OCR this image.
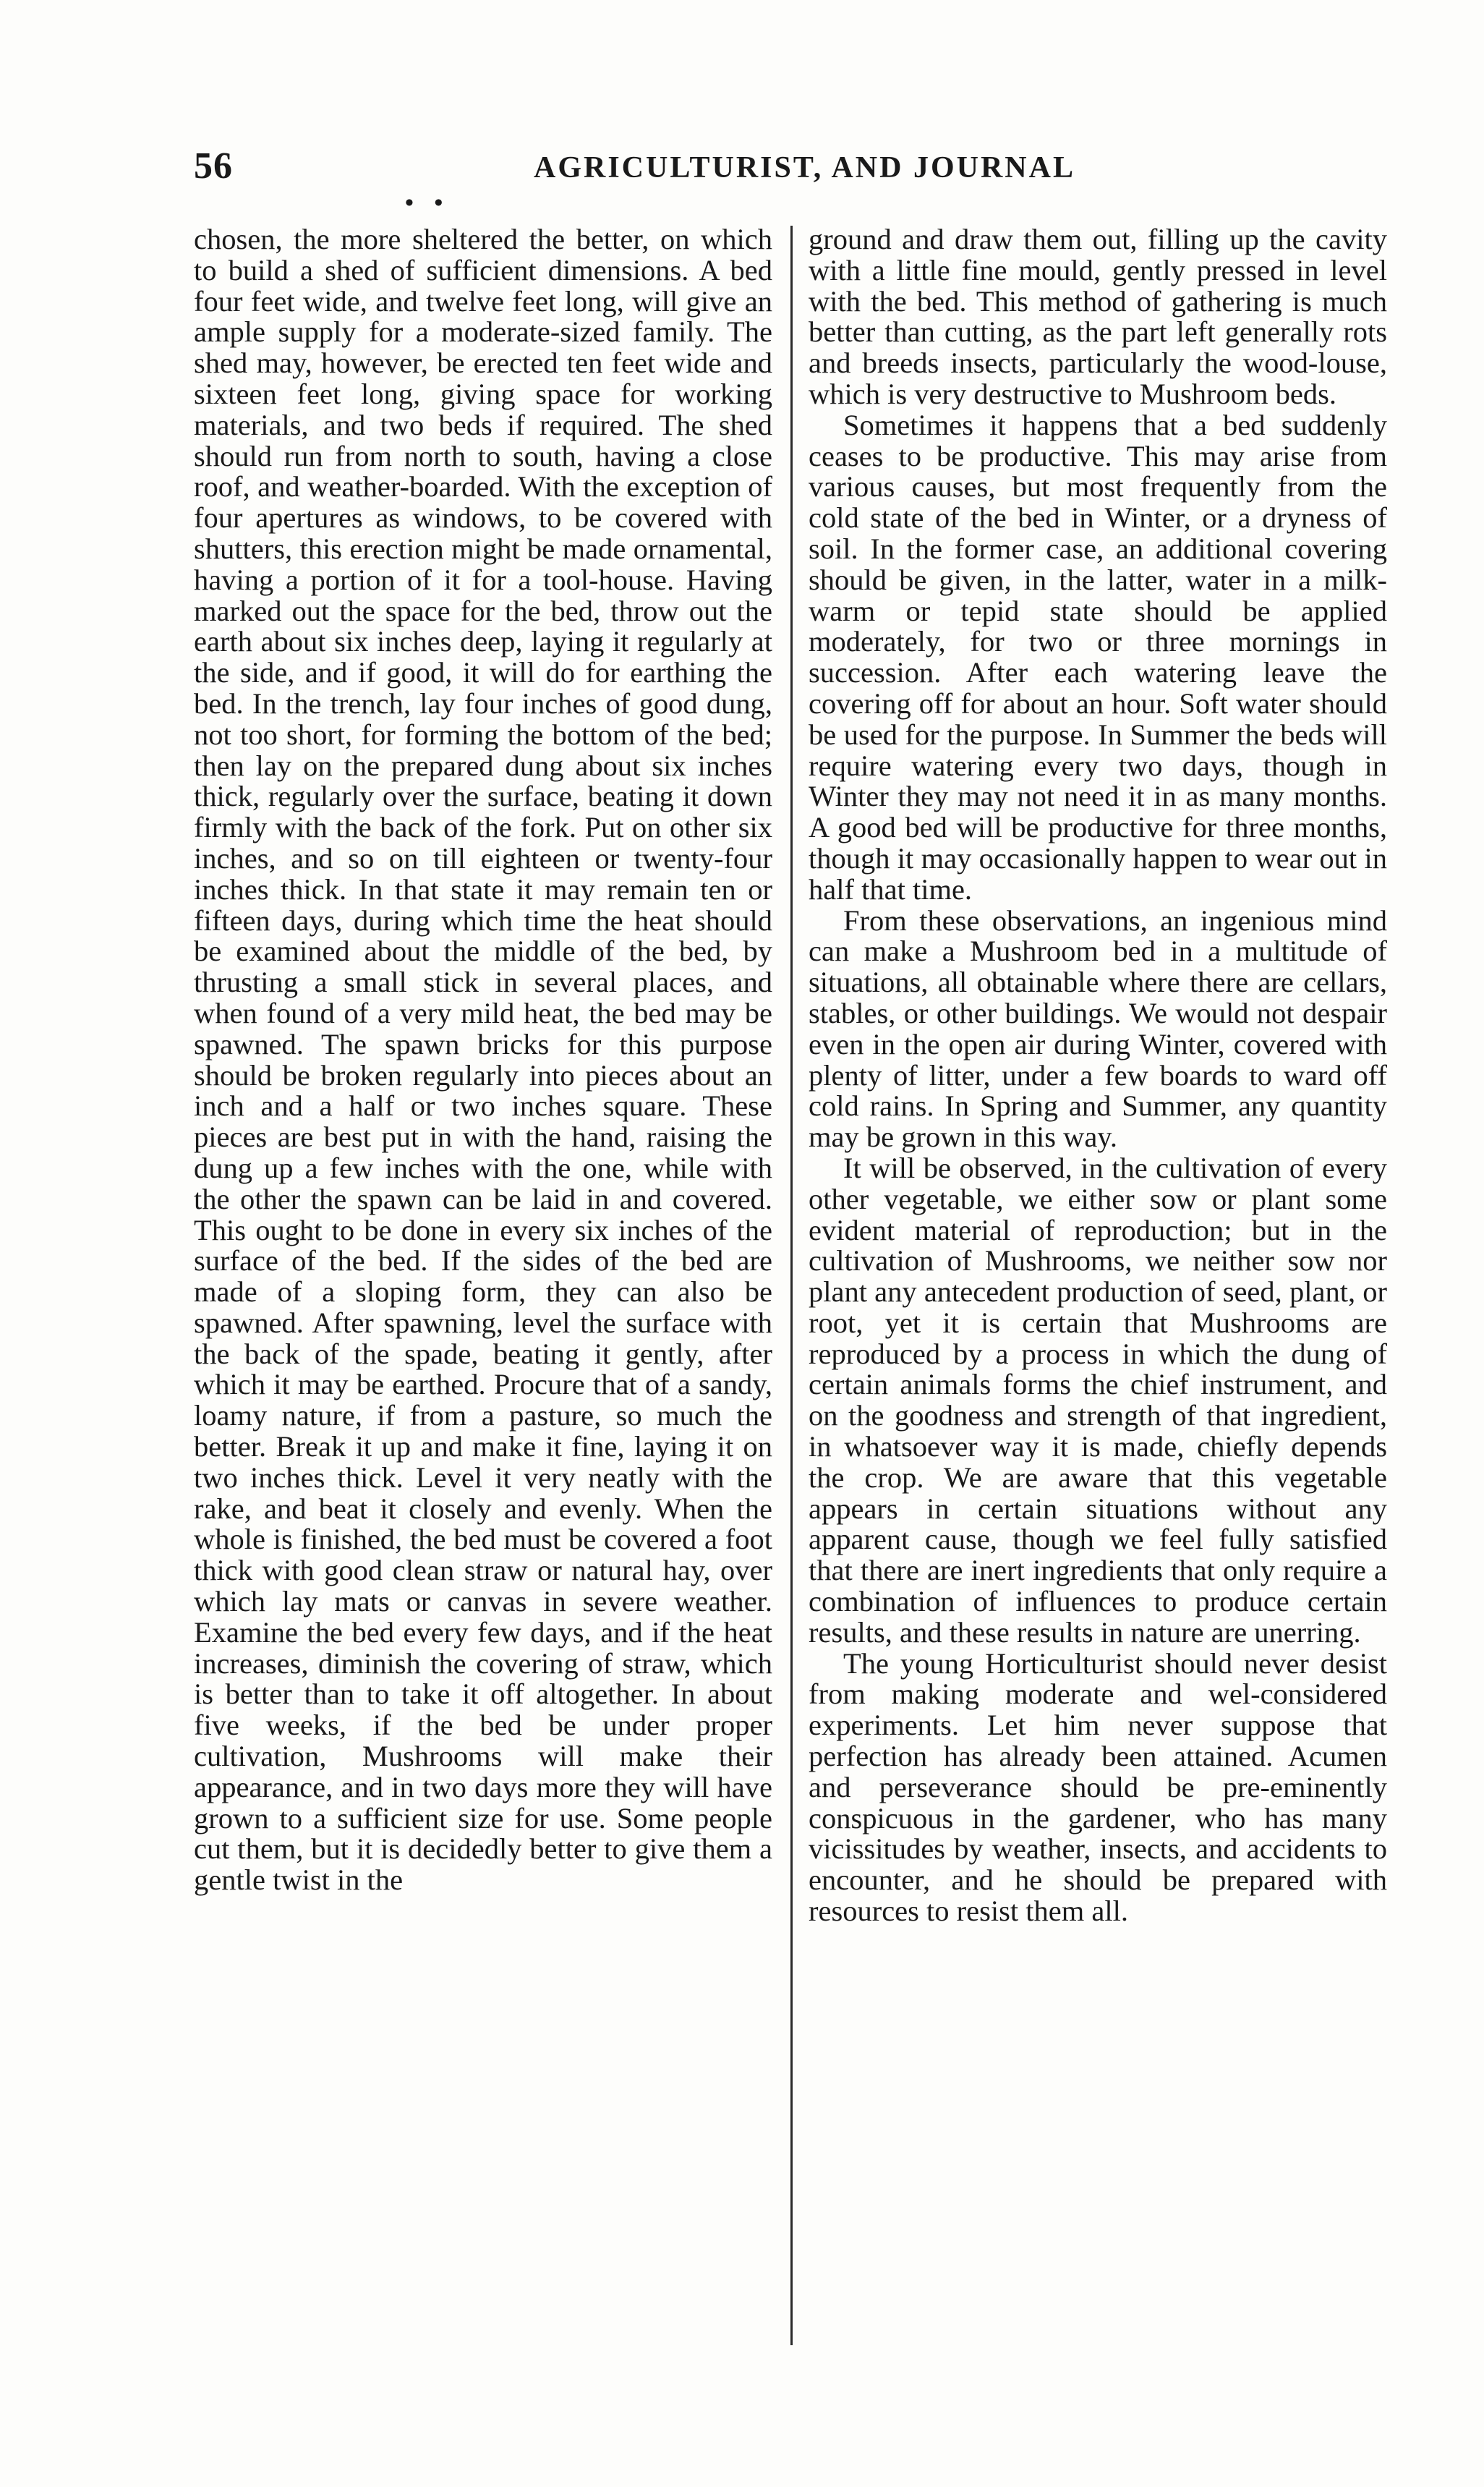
56	AGRICULTURIST, AND JOURNAL
• •

chosen, the more sheltered the better, on which to build a shed of sufficient dimensions. A bed four feet wide, and twelve feet long, will give an ample supply for a moderate-sized family. The shed may, however, be erected ten feet wide and sixteen feet long, giving space for working materials, and two beds if required. The shed should run from north to south, having a close roof, and weather-boarded. With the exception of four apertures as windows, to be covered with shutters, this erection might be made ornamental, having a portion of it for a tool-house. Having marked out the space for the bed, throw out the earth about six inches deep, laying it regularly at the side, and if good, it will do for earthing the bed. In the trench, lay four inches of good dung, not too short, for forming the bottom of the bed; then lay on the prepared dung about six inches thick, regularly over the surface, beating it down firmly with the back of the fork. Put on other six inches, and so on till eighteen or twenty-four inches thick. In that state it may remain ten or fifteen days, during which time the heat should be examined about the middle of the bed, by thrusting a small stick in several places, and when found of a very mild heat, the bed may be spawned. The spawn bricks for this purpose should be broken regularly into pieces about an inch and a half or two inches square. These pieces are best put in with the hand, raising the dung up a few inches with the one, while with the other the spawn can be laid in and covered. This ought to be done in every six inches of the surface of the bed. If the sides of the bed are made of a sloping form, they can also be spawned. After spawning, level the surface with the back of the spade, beating it gently, after which it may be earthed. Procure that of a sandy, loamy nature, if from a pasture, so much the better. Break it up and make it fine, laying it on two inches thick. Level it very neatly with the rake, and beat it closely and evenly. When the whole is finished, the bed must be covered a foot thick with good clean straw or natural hay, over which lay mats or canvas in severe weather. Examine the bed every few days, and if the heat increases, diminish the covering of straw, which is better than to take it off altogether. In about five weeks, if the bed be under proper cultivation, Mushrooms will make their appearance, and in two days more they will have grown to a sufficient size for use. Some people cut them, but it is decidedly better to give them a gentle twist in the

ground and draw them out, filling up the cavity with a little fine mould, gently pressed in level with the bed. This method of gathering is much better than cutting, as the part left generally rots and breeds insects, particularly the wood-louse, which is very destructive to Mushroom beds.

Sometimes it happens that a bed suddenly ceases to be productive. This may arise from various causes, but most frequently from the cold state of the bed in Winter, or a dryness of soil. In the former case, an additional covering should be given, in the latter, water in a milk-warm or tepid state should be applied moderately, for two or three mornings in succession. After each watering leave the covering off for about an hour. Soft water should be used for the purpose. In Summer the beds will require watering every two days, though in Winter they may not need it in as many months. A good bed will be productive for three months, though it may occasionally happen to wear out in half that time.

From these observations, an ingenious mind can make a Mushroom bed in a multitude of situations, all obtainable where there are cellars, stables, or other buildings. We would not despair even in the open air during Winter, covered with plenty of litter, under a few boards to ward off cold rains. In Spring and Summer, any quantity may be grown in this way.

It will be observed, in the cultivation of every other vegetable, we either sow or plant some evident material of reproduction; but in the cultivation of Mushrooms, we neither sow nor plant any antecedent production of seed, plant, or root, yet it is certain that Mushrooms are reproduced by a process in which the dung of certain animals forms the chief instrument, and on the goodness and strength of that ingredient, in whatsoever way it is made, chiefly depends the crop. We are aware that this vegetable appears in certain situations without any apparent cause, though we feel fully satisfied that there are inert ingredients that only require a combination of influences to produce certain results, and these results in nature are unerring.

The young Horticulturist should never desist from making moderate and wel-considered experiments. Let him never suppose that perfection has already been attained. Acumen and perseverance should be pre-eminently conspicuous in the gardener, who has many vicissitudes by weather, insects, and accidents to encounter, and he should be prepared with resources to resist them all.
